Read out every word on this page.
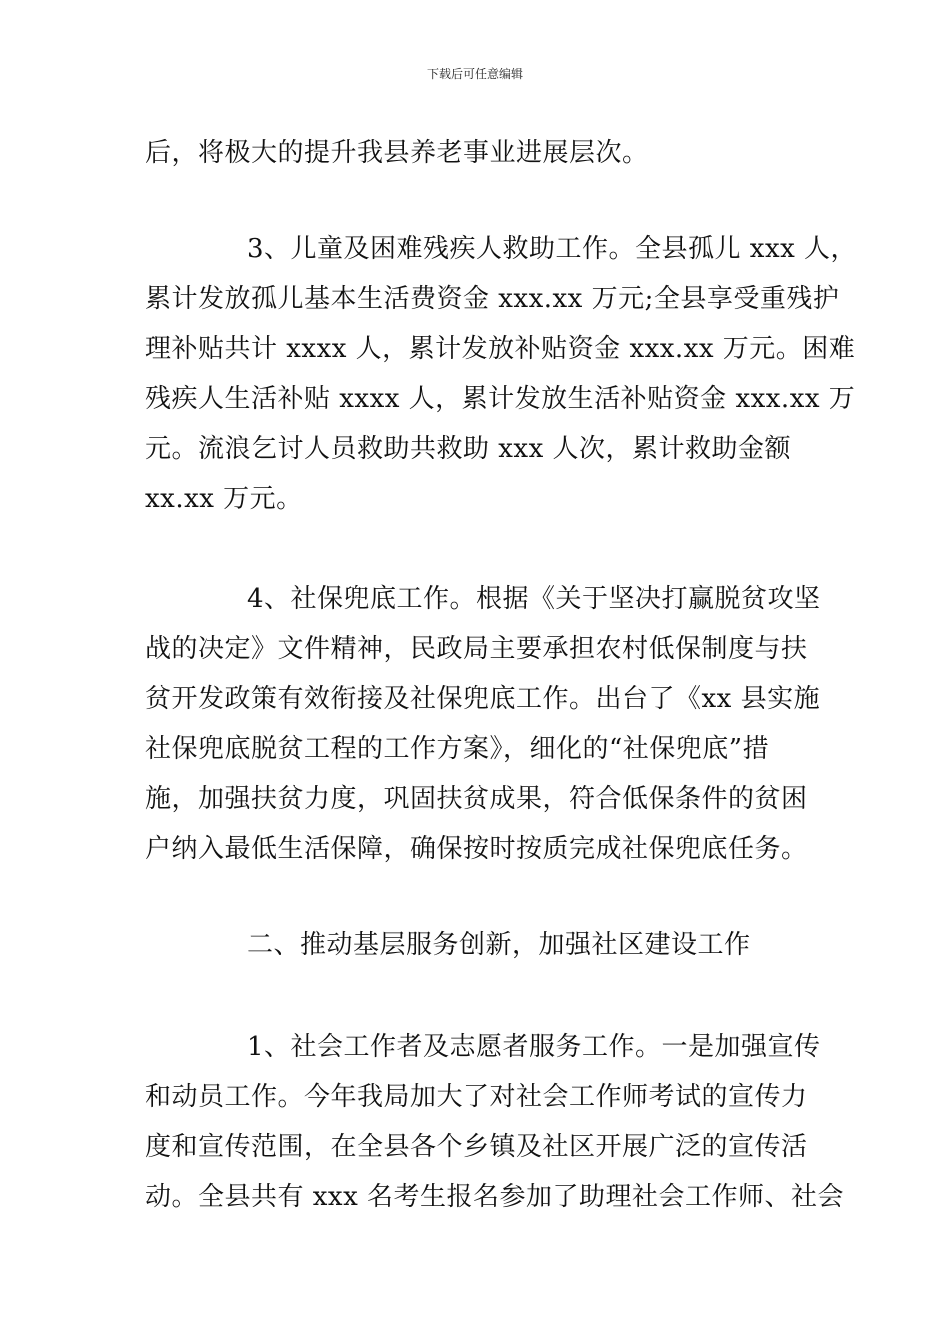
下载后可任意编辑
后，将极大的提升我县养老事业进展层次。
3、儿童及困难残疾人救助工作。全县孤儿 xxx 人，
累计发放孤儿基本生活费资金 xxx.xx 万元;全县享受重残护
理补贴共计 xxxx 人，累计发放补贴资金 xxx.xx 万元。困难
残疾人生活补贴 xxxx 人，累计发放生活补贴资金 xxx.xx 万
元。流浪乞讨人员救助共救助 xxx 人次，累计救助金额
xx.xx 万元。
4、社保兜底工作。根据《关于坚决打赢脱贫攻坚
战的决定》文件精神，民政局主要承担农村低保制度与扶
贫开发政策有效衔接及社保兜底工作。出台了《xx 县实施
社保兜底脱贫工程的工作方案》，细化的“社保兜底”措
施，加强扶贫力度，巩固扶贫成果，符合低保条件的贫困
户纳入最低生活保障，确保按时按质完成社保兜底任务。
二、推动基层服务创新，加强社区建设工作
1、社会工作者及志愿者服务工作。一是加强宣传
和动员工作。今年我局加大了对社会工作师考试的宣传力
度和宣传范围，在全县各个乡镇及社区开展广泛的宣传活
动。全县共有 xxx 名考生报名参加了助理社会工作师、社会
